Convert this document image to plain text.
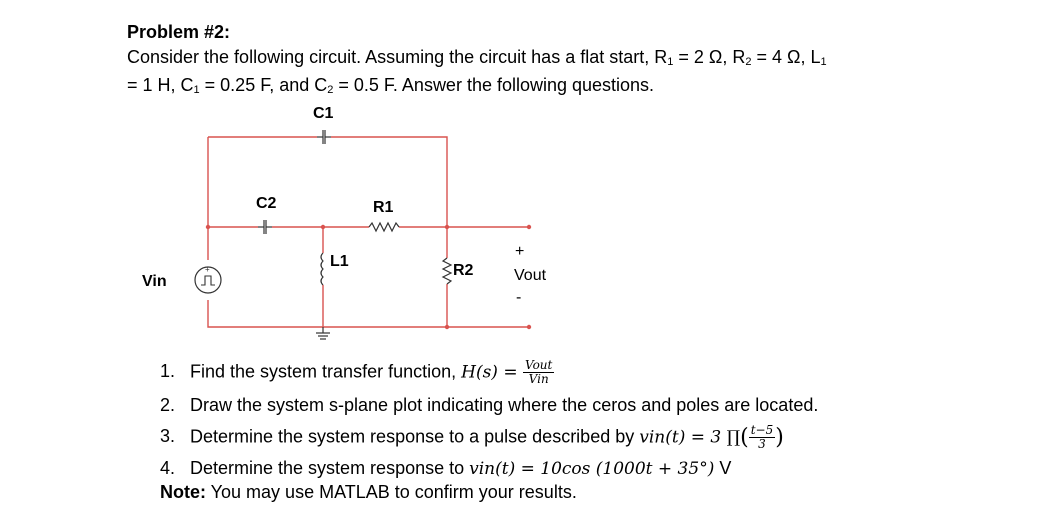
Problem #2:
Consider the following circuit. Assuming the circuit has a flat start, $R_1 = 2$ Ω, $R_2 = 4$ Ω, $L_1$
= 1 H, $C_1 = 0.25$ F, and $C_2 = 0.5$ F. Answer the following questions.
+
C1
C2	R1
L1
R2
Vin
+
Vout
-
1. Find the system transfer function, $H(s) = \frac{\text{Vout}}{\text{Vin}}$
2. Draw the system s-plane plot indicating where the ceros and poles are located.
3. Determine the system response to a pulse described by vin(t) = 3 ∏( $\frac{t-5}{3}$ )
4. Determine the system response to vin(t) = 10cos (1000t + 35°) V
Note: You may use MATLAB to confirm your results.
